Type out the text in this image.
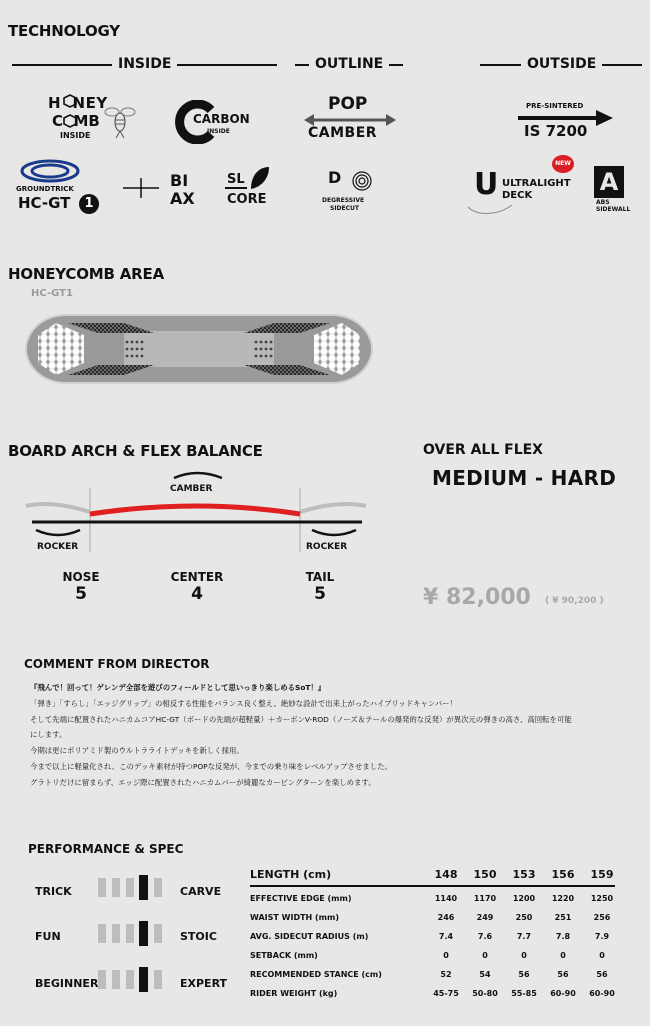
TECHNOLOGY
INSIDE	OUTLINE	OUTSIDE
H NEY
C MB
INSIDE
CARBON
INSIDE
POP
CAMBER
PRE-SINTERED
IS 7200
GROUNDTRICK
HC-GT	1
BI
AX
SL
CORE
D
DEGRESSIVE
SIDECUT
NEW
U ULTRALIGHT
DECK	A
ABS
SIDEWALL
HONEYCOMB AREA
HC-GT1
BOARD ARCH & FLEX BALANCE
CAMBER
ROCKER	ROCKER
NOSE
5
CENTER
4
TAIL
5
OVER ALL FLEX
MEDIUM - HARD
¥ 82,000 ( ¥ 90,200 )
COMMENT FROM DIRECTOR
『飛んで！回って！ゲレンデ全部を遊びのフィールドとして思いっきり楽しめるSoT！』
「弾き」「すらし」「エッジグリップ」の相反する性能をバランス良く整え、絶妙な設計で出来上がったハイブリッドキャンバー！
そして先端に配置されたハニカムコアHC-GT（ボードの先端が超軽量）＋カーボンV-ROD（ノーズ＆テールの爆発的な反発）が異次元の弾きの高さ、高回転を可能
にします。
今期は更にポリアミド製のウルトラライトデッキを新しく採用。
今まで以上に軽量化され、このデッキ素材が持つPOPな反発が、今までの乗り味をレベルアップさせました。
グラトリだけに留まらず、エッジ際に配置されたハニカムバーが綺麗なカービングターンを楽しめます。
PERFORMANCE & SPEC
TRICK	CARVE
FUN	STOIC
BEGINNER	EXPERT
LENGTH (cm)	148	150	153	156	159
EFFECTIVE EDGE (mm)	1140	1170	1200	1220	1250
WAIST WIDTH (mm)	246	249	250	251	256
AVG. SIDECUT RADIUS (m)	7.4	7.6	7.7	7.8	7.9
SETBACK (mm)	0	0	0	0	0
RECOMMENDED STANCE (cm)	52	54	56	56	56
RIDER WEIGHT (kg)	45-75	50-80	55-85	60-90	60-90
